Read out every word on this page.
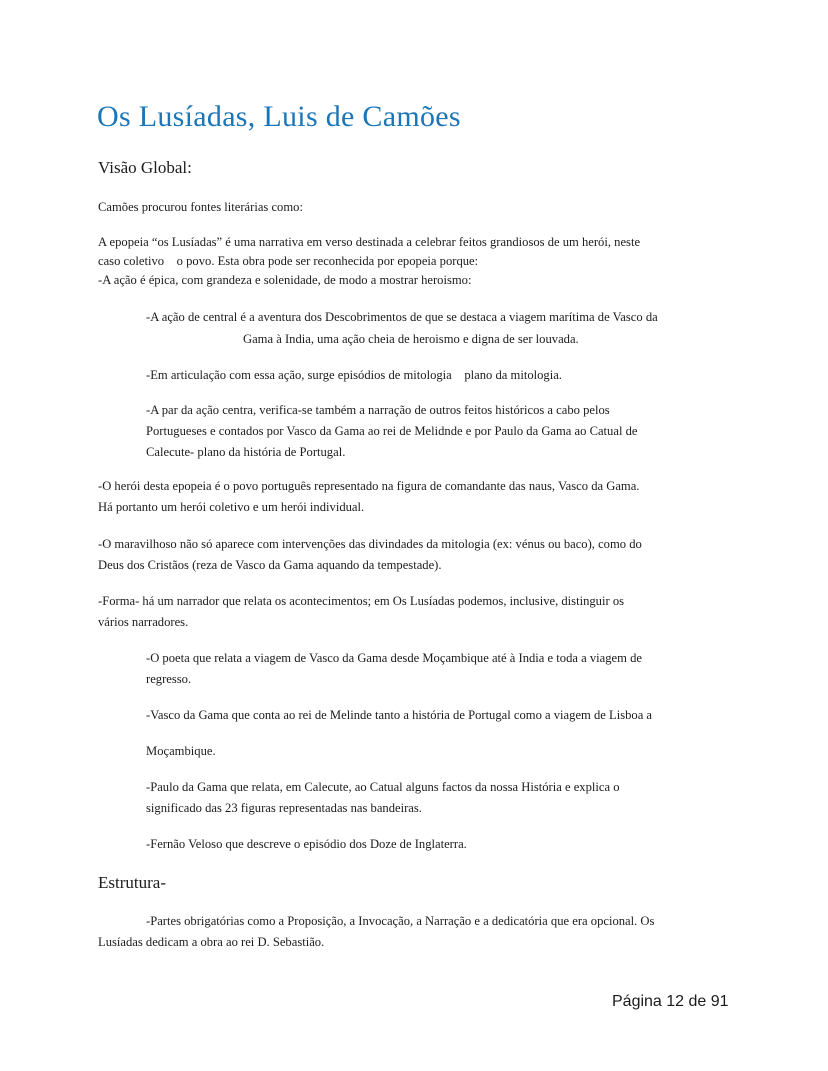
Os Lusíadas, Luis de Camões
Visão Global:
Camões procurou fontes literárias como:
A epopeia “os Lusíadas” é uma narrativa em verso destinada a celebrar feitos grandiosos de um herói, neste
caso coletivo    o povo. Esta obra pode ser reconhecida por epopeia porque:
-A ação é épica, com grandeza e solenidade, de modo a mostrar heroismo:
-A ação de central é a aventura dos Descobrimentos de que se destaca a viagem marítima de Vasco da
Gama à India, uma ação cheia de heroismo e digna de ser louvada.
-Em articulação com essa ação, surge episódios de mitologia    plano da mitologia.
-A par da ação centra, verifica-se também a narração de outros feitos históricos a cabo pelos
Portugueses e contados por Vasco da Gama ao rei de Melidnde e por Paulo da Gama ao Catual de
Calecute- plano da história de Portugal.
-O herói desta epopeia é o povo português representado na figura de comandante das naus, Vasco da Gama.
Há portanto um herói coletivo e um herói individual.
-O maravilhoso não só aparece com intervenções das divindades da mitologia (ex: vénus ou baco), como do
Deus dos Cristãos (reza de Vasco da Gama aquando da tempestade).
-Forma- há um narrador que relata os acontecimentos; em Os Lusíadas podemos, inclusive, distinguir os
vários narradores.
-O poeta que relata a viagem de Vasco da Gama desde Moçambique até à India e toda a viagem de
regresso.
-Vasco da Gama que conta ao rei de Melinde tanto a história de Portugal como a viagem de Lisboa a
Moçambique.
-Paulo da Gama que relata, em Calecute, ao Catual alguns factos da nossa História e explica o
significado das 23 figuras representadas nas bandeiras.
-Fernão Veloso que descreve o episódio dos Doze de Inglaterra.
Estrutura-
-Partes obrigatórias como a Proposição, a Invocação, a Narração e a dedicatória que era opcional. Os
Lusíadas dedicam a obra ao rei D. Sebastião.
Página 12 de 91
